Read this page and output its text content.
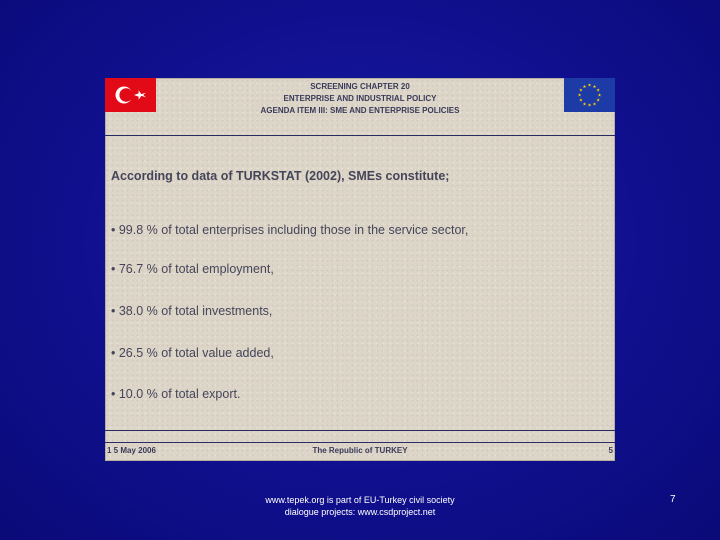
SCREENING CHAPTER 20
ENTERPRISE AND INDUSTRIAL POLICY
AGENDA ITEM III: SME AND ENTERPRISE POLICIES
★ ★
★
★
★
★
★
★
★
★
★
★
According to data of TURKSTAT (2002), SMEs constitute;
• 99.8 % of total enterprises including those in the service sector,
• 76.7 % of total employment,
• 38.0 % of total investments,
• 26.5 % of total value added,
• 10.0 % of total export.
1 5 May 2006	The Republic of TURKEY	5
www.tepek.org is part of EU-Turkey civil society
dialogue projects: www.csdproject.net
7
